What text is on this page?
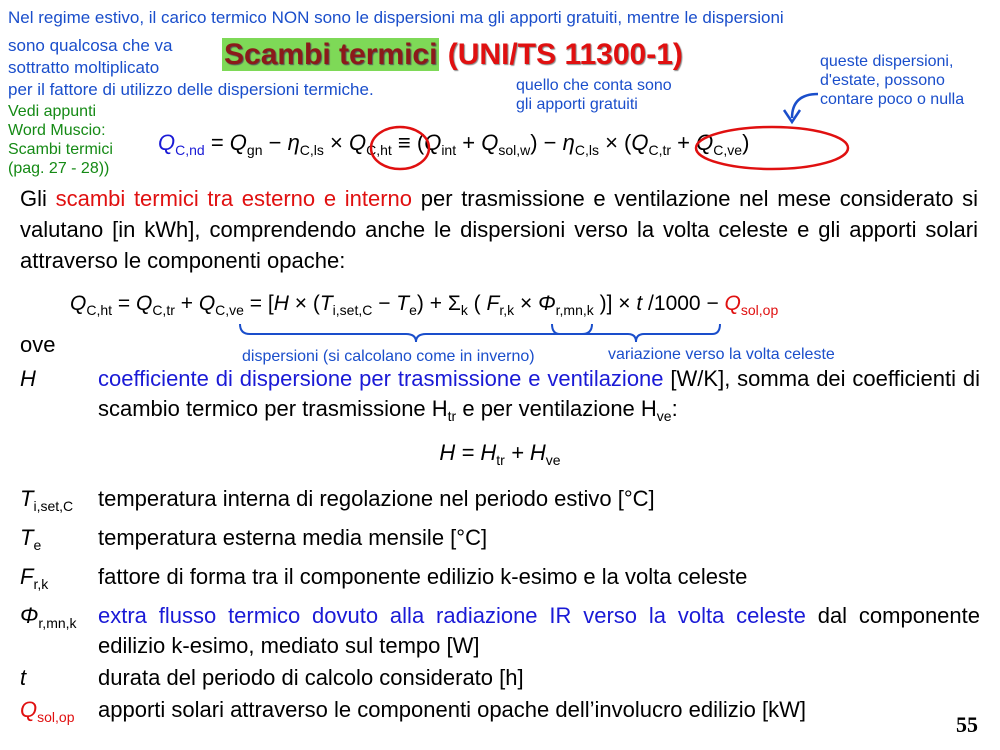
Nel regime estivo, il carico termico NON sono le dispersioni ma gli apporti gratuiti, mentre le dispersioni
sono qualcosa che va
sottratto moltiplicato
per il fattore di utilizzo delle dispersioni termiche.
Vedi appunti
Word Muscio:
Scambi termici
(pag. 27 - 28))
Scambi termici (UNI/TS 11300-1)
quello che conta sono
gli apporti gratuiti
queste dispersioni,
d'estate, possono
contare poco o nulla
$Q_{C,nd} = Q_{gn} - \eta_{C,ls} \times Q_{C,ht} \equiv (Q_{int} + Q_{sol,w}) - \eta_{C,ls} \times (Q_{C,tr} + Q_{C,ve})$
Gli scambi termici tra esterno e interno per trasmissione e ventilazione nel mese considerato si valutano [in kWh], comprendendo anche le dispersioni verso la volta celeste e gli apporti solari attraverso le componenti opache:
$Q_{C,ht} = Q_{C,tr} + Q_{C,ve} = [H \times (T_{i,set,C} - T_e) + \Sigma_k$ ( $F_{r,k} \times \Phi_{r,mn,k}$ )] × t $/1000 - Q_{sol,op}$
dispersioni (si calcolano come in inverno)	variazione verso la volta celeste
ove
H	coefficiente di dispersione per trasmissione e ventilazione [W/K], somma dei coefficienti di scambio termico per trasmissione $H_{tr}$ e per ventilazione $H_{ve}$:
$H = H_{tr} + H_{ve}$
$T_{i,set,C}$	temperatura interna di regolazione nel periodo estivo [°C]
$T_e$	temperatura esterna media mensile [°C]
$F_{r,k}$	fattore di forma tra il componente edilizio k-esimo e la volta celeste
$\Phi_{r,mn,k}$ extra flusso termico dovuto alla radiazione IR verso la volta celeste dal componente edilizio k-esimo, mediato sul tempo [W]
t	durata del periodo di calcolo considerato [h]
$Q_{sol,op}$	apporti solari attraverso le componenti opache dell’involucro edilizio [kW]
55
